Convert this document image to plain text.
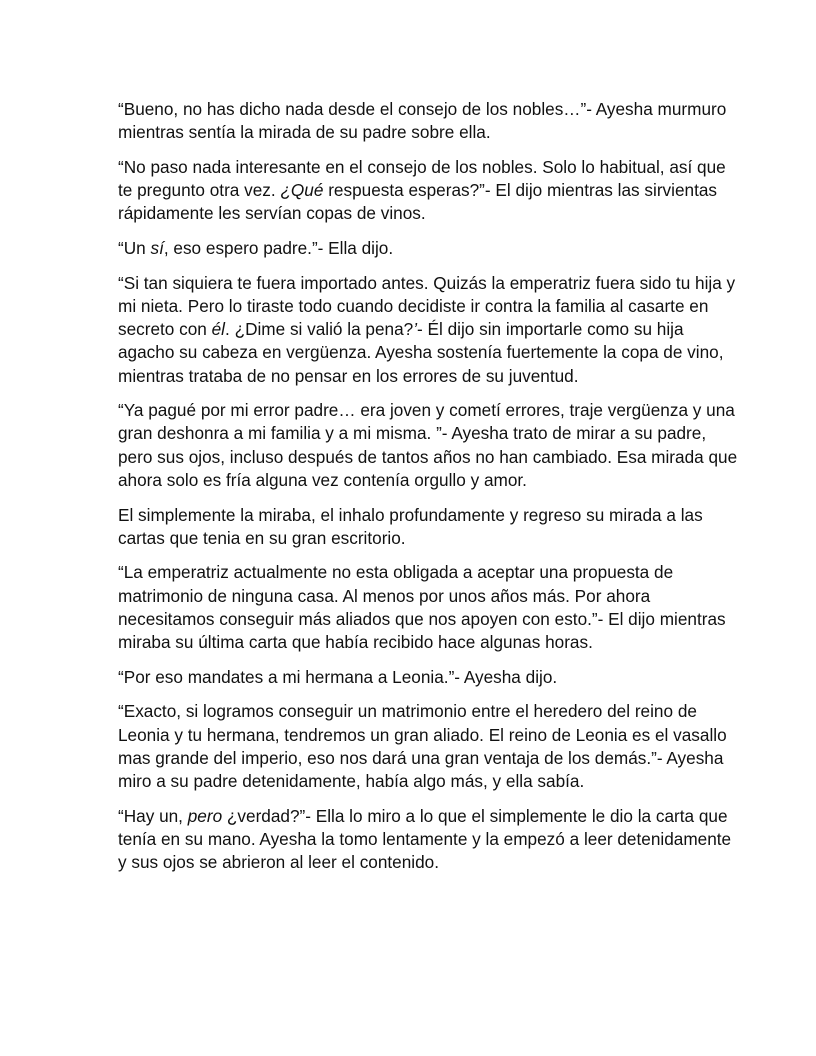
“Bueno, no has dicho nada desde el consejo de los nobles…”- Ayesha murmuro mientras sentía la mirada de su padre sobre ella.

“No paso nada interesante en el consejo de los nobles. Solo lo habitual, así que te pregunto otra vez. ¿Qué respuesta esperas?”- El dijo mientras las sirvientas rápidamente les servían copas de vinos.

“Un sí, eso espero padre.”- Ella dijo.

“Si tan siquiera te fuera importado antes. Quizás la emperatriz fuera sido tu hija y mi nieta. Pero lo tiraste todo cuando decidiste ir contra la familia al casarte en secreto con él. ¿Dime si valió la pena?’- Él dijo sin importarle como su hija agacho su cabeza en vergüenza. Ayesha sostenía fuertemente la copa de vino, mientras trataba de no pensar en los errores de su juventud.

“Ya pagué por mi error padre… era joven y cometí errores, traje vergüenza y una gran deshonra a mi familia y a mi misma. ”- Ayesha trato de mirar a su padre, pero sus ojos, incluso después de tantos años no han cambiado. Esa mirada que ahora solo es fría alguna vez contenía orgullo y amor.

El simplemente la miraba, el inhalo profundamente y regreso su mirada a las cartas que tenia en su gran escritorio.

“La emperatriz actualmente no esta obligada a aceptar una propuesta de matrimonio de ninguna casa. Al menos por unos años más. Por ahora necesitamos conseguir más aliados que nos apoyen con esto.”- El dijo mientras miraba su última carta que había recibido hace algunas horas.

“Por eso mandates a mi hermana a Leonia.”- Ayesha dijo.

“Exacto, si logramos conseguir un matrimonio entre el heredero del reino de Leonia y tu hermana, tendremos un gran aliado. El reino de Leonia es el vasallo mas grande del imperio, eso nos dará una gran ventaja de los demás.”- Ayesha miro a su padre detenidamente, había algo más, y ella sabía.

“Hay un, pero ¿verdad?”- Ella lo miro a lo que el simplemente le dio la carta que tenía en su mano. Ayesha la tomo lentamente y la empezó a leer detenidamente y sus ojos se abrieron al leer el contenido.
